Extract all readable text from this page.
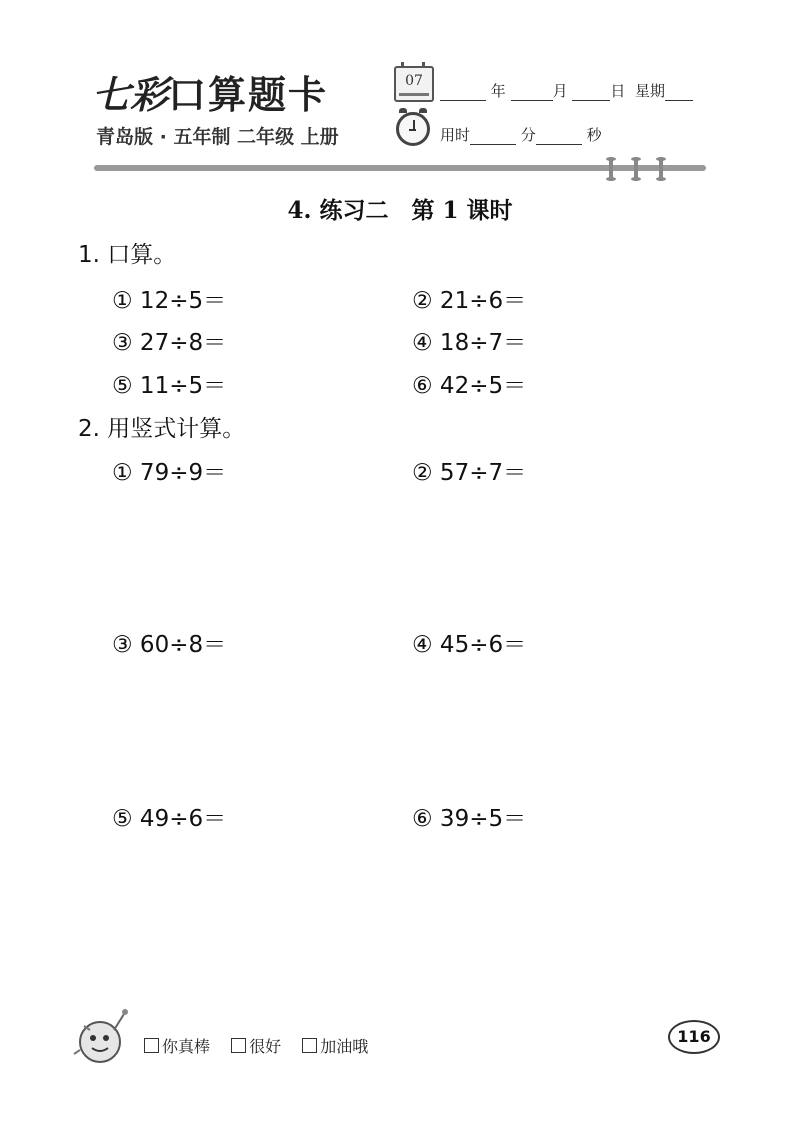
七彩口算题卡
青岛版 · 五年制 二年级 上册
07
年	月	日 星期
用时	分	秒
4. 练习二　第 1 课时
1. 口算。
① 12÷5＝	② 21÷6＝
③ 27÷8＝	④ 18÷7＝
⑤ 11÷5＝	⑥ 42÷5＝
2. 用竖式计算。
① 79÷9＝	② 57÷7＝
③ 60÷8＝	④ 45÷6＝
⑤ 49÷6＝	⑥ 39÷5＝
你真棒 很好 加油哦
116
